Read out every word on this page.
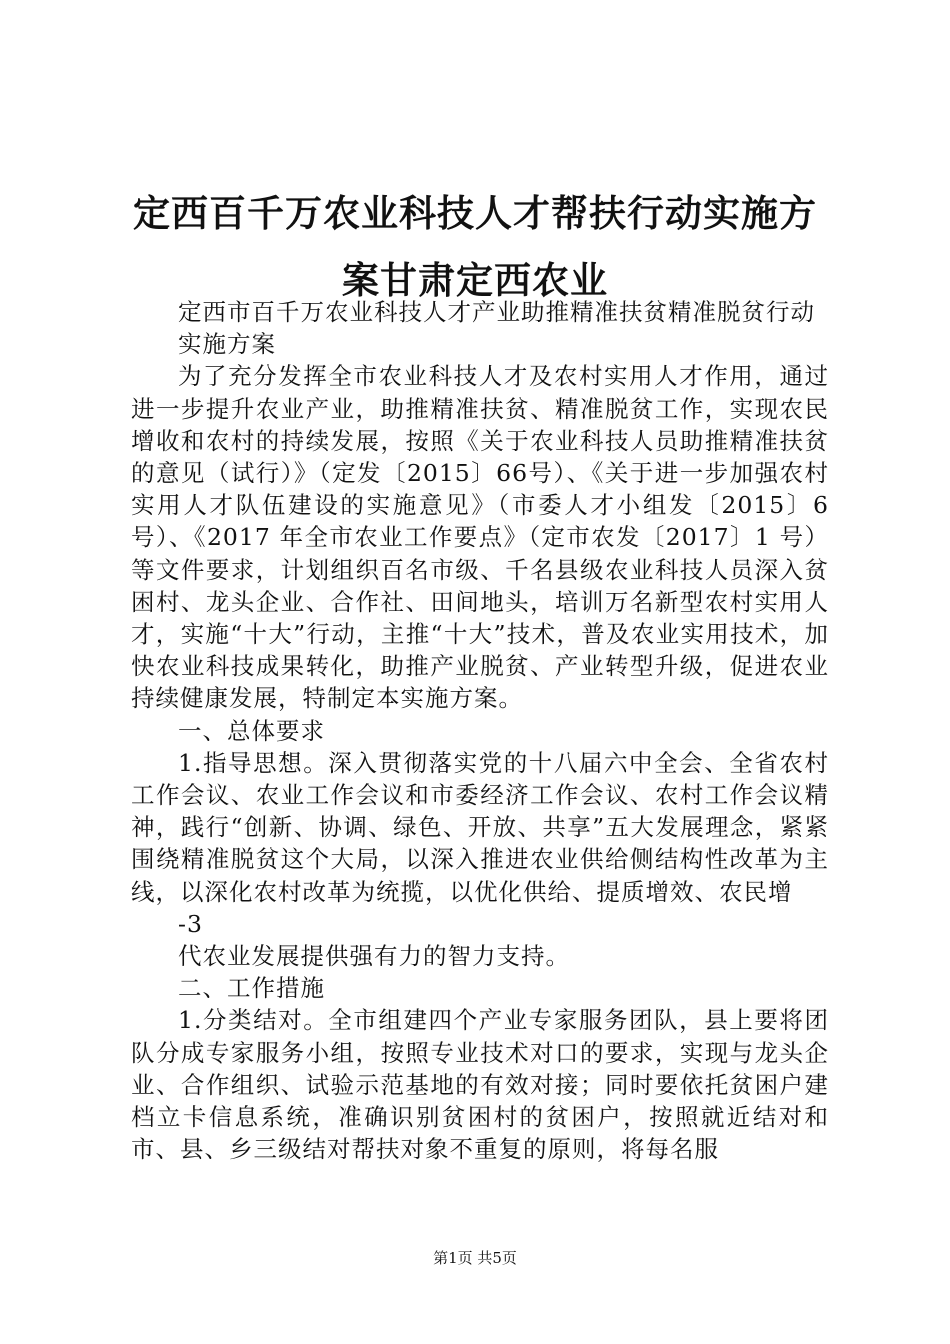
定西百千万农业科技人才帮扶行动实施方案甘肃定西农业

定西市百千万农业科技人才产业助推精准扶贫精准脱贫行动实施方案

为了充分发挥全市农业科技人才及农村实用人才作用，通过进一步提升农业产业，助推精准扶贫、精准脱贫工作，实现农民增收和农村的持续发展，按照《关于农业科技人员助推精准扶贫的意见（试行）》（定发〔2015〕66号）、《关于进一步加强农村实用人才队伍建设的实施意见》（市委人才小组发〔2015〕6 号）、《2017 年全市农业工作要点》（定市农发〔2017〕1 号）等文件要求，计划组织百名市级、千名县级农业科技人员深入贫困村、龙头企业、合作社、田间地头，培训万名新型农村实用人才，实施“十大”行动，主推“十大”技术，普及农业实用技术，加快农业科技成果转化，助推产业脱贫、产业转型升级，促进农业持续健康发展，特制定本实施方案。

一、总体要求

1.指导思想。深入贯彻落实党的十八届六中全会、全省农村工作会议、农业工作会议和市委经济工作会议、农村工作会议精神，践行“创新、协调、绿色、开放、共享”五大发展理念，紧紧围绕精准脱贫这个大局，以深入推进农业供给侧结构性改革为主线，以深化农村改革为统揽，以优化供给、提质增效、农民增

-3

代农业发展提供强有力的智力支持。

二、工作措施

1.分类结对。全市组建四个产业专家服务团队，县上要将团队分成专家服务小组，按照专业技术对口的要求，实现与龙头企业、合作组织、试验示范基地的有效对接；同时要依托贫困户建档立卡信息系统，准确识别贫困村的贫困户，按照就近结对和市、县、乡三级结对帮扶对象不重复的原则，将每名服

第1页 共5页
